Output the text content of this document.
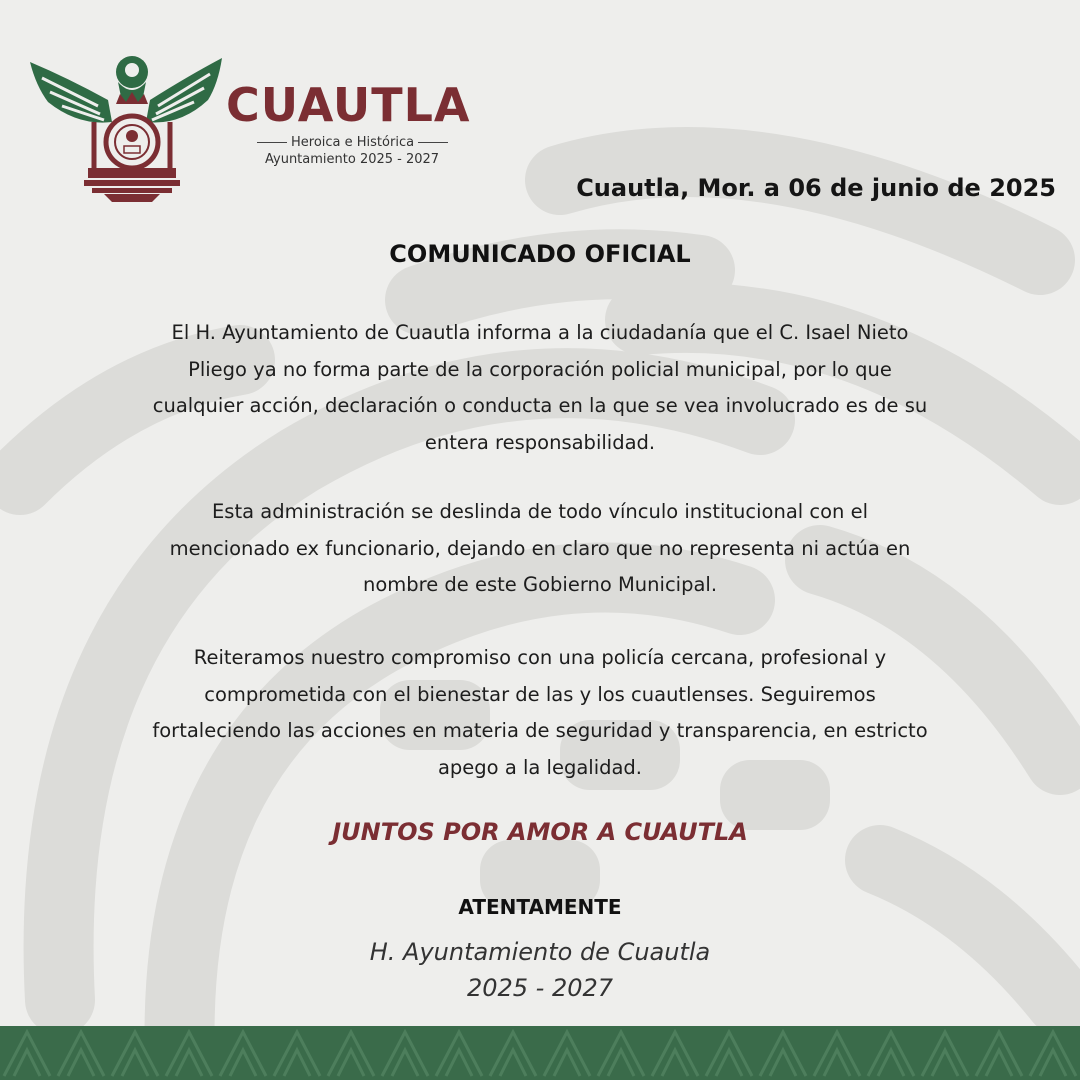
CUAUTLA
Heroica e Histórica
Ayuntamiento 2025 - 2027
Cuautla, Mor. a 06 de junio de 2025
COMUNICADO OFICIAL
El H. Ayuntamiento de Cuautla informa a la ciudadanía que el C. Isael Nieto
Pliego ya no forma parte de la corporación policial municipal, por lo que
cualquier acción, declaración o conducta en la que se vea involucrado es de su
entera responsabilidad.
Esta administración se deslinda de todo vínculo institucional con el
mencionado ex funcionario, dejando en claro que no representa ni actúa en
nombre de este Gobierno Municipal.
Reiteramos nuestro compromiso con una policía cercana, profesional y
comprometida con el bienestar de las y los cuautlenses. Seguiremos
fortaleciendo las acciones en materia de seguridad y transparencia, en estricto
apego a la legalidad.
JUNTOS POR AMOR A CUAUTLA
ATENTAMENTE
H. Ayuntamiento de Cuautla
2025 - 2027
